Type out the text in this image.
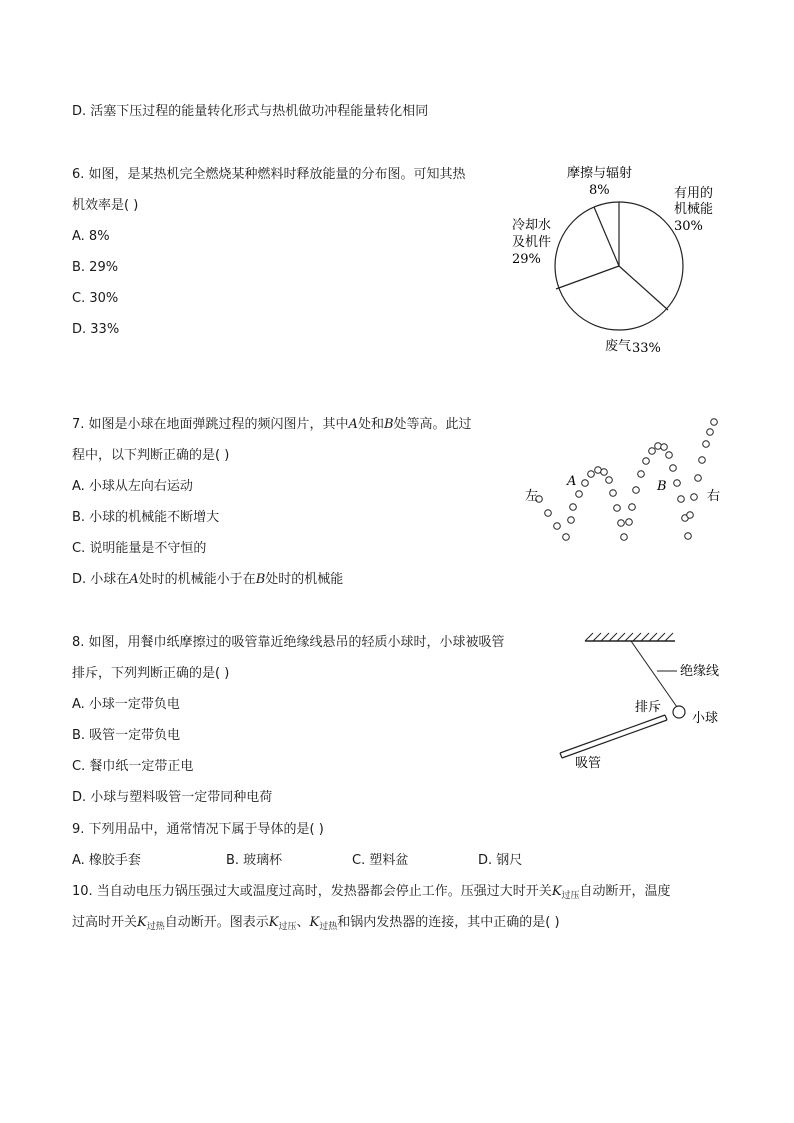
D. 活塞下压过程的能量转化形式与热机做功冲程能量转化相同
6. 如图，是某热机完全燃烧某种燃料时释放能量的分布图。可知其热
机效率是( )
A. 8%
B. 29%
C. 30%
D. 33%
摩擦与辐射
8%	有用的
机械能
30%
冷却水
及机件
29%
废气 33%
7. 如图是小球在地面弹跳过程的频闪图片，其中A处和B处等高。此过
程中，以下判断正确的是( )
A. 小球从左向右运动
B. 小球的机械能不断增大
C. 说明能量是不守恒的
D. 小球在A处时的机械能小于在B处时的机械能
左	右
A	B
8. 如图，用餐巾纸摩擦过的吸管靠近绝缘线悬吊的轻质小球时，小球被吸管
排斥，下列判断正确的是( )
A. 小球一定带负电
B. 吸管一定带负电
C. 餐巾纸一定带正电
D. 小球与塑料吸管一定带同种电荷
绝缘线
排斥
小球
吸管
9. 下列用品中，通常情况下属于导体的是( )
A. 橡胶手套	B. 玻璃杯	C. 塑料盆	D. 钢尺
10. 当自动电压力锅压强过大或温度过高时，发热器都会停止工作。压强过大时开关$K_{过压}$自动断开，温度
过高时开关$K_{过热}$自动断开。图表示$K_{过压}$、$K_{过热}$和锅内发热器的连接，其中正确的是( )
